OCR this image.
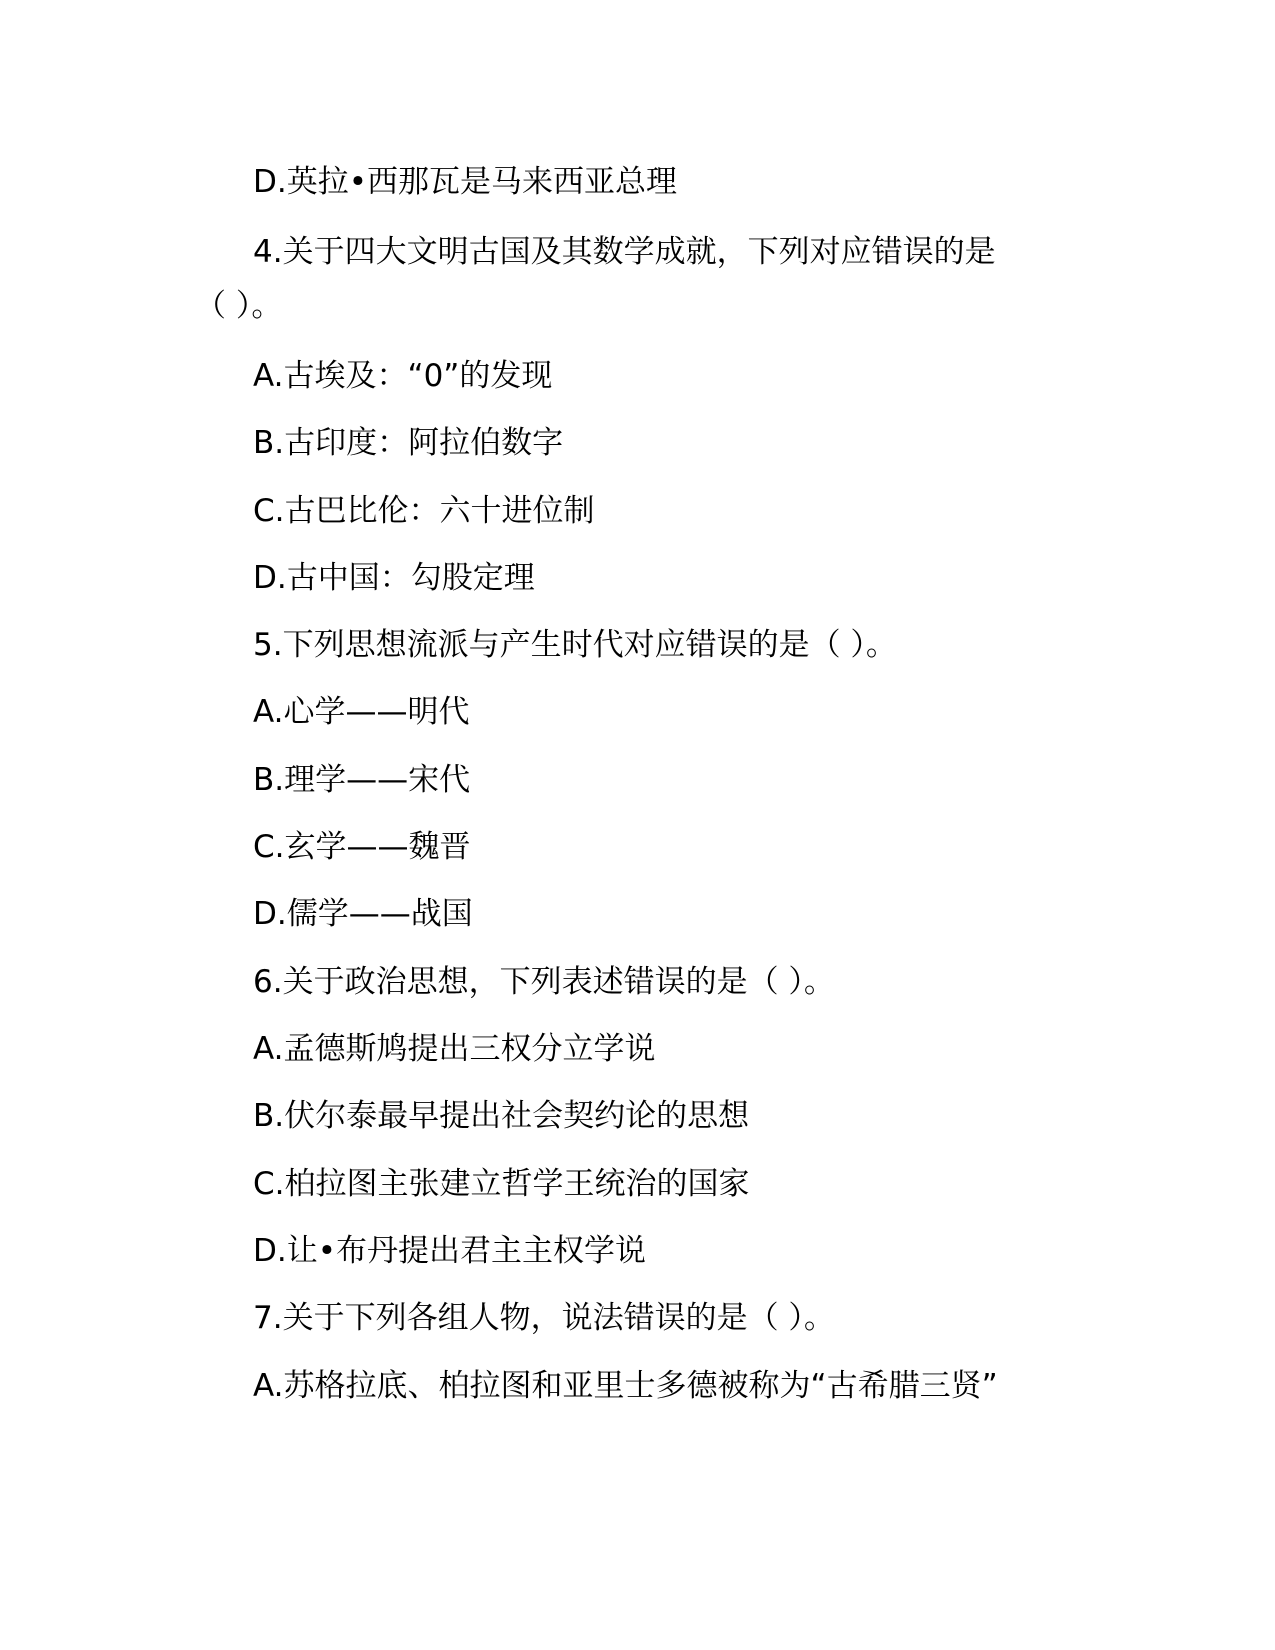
D.英拉•西那瓦是马来西亚总理
4.关于四大文明古国及其数学成就，下列对应错误的是
（ ）。
A.古埃及：“0”的发现
B.古印度：阿拉伯数字
C.古巴比伦：六十进位制
D.古中国：勾股定理
5.下列思想流派与产生时代对应错误的是（ ）。
A.心学——明代
B.理学——宋代
C.玄学——魏晋
D.儒学——战国
6.关于政治思想，下列表述错误的是（ ）。
A.孟德斯鸠提出三权分立学说
B.伏尔泰最早提出社会契约论的思想
C.柏拉图主张建立哲学王统治的国家
D.让•布丹提出君主主权学说
7.关于下列各组人物，说法错误的是（ ）。
A.苏格拉底、柏拉图和亚里士多德被称为“古希腊三贤”
